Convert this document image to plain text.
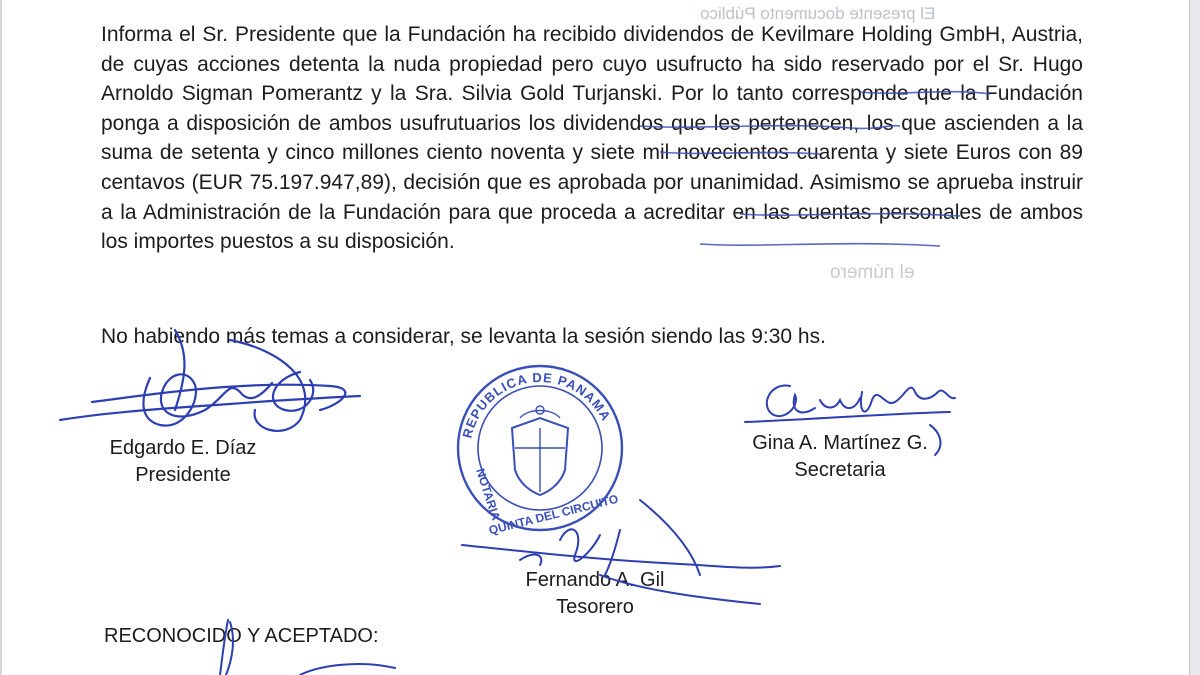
El presente documento Público
el número
Informa el Sr. Presidente que la Fundación ha recibido dividendos de Kevilmare Holding GmbH, Austria, de cuyas acciones detenta la nuda propiedad pero cuyo usufructo ha sido reservado por el Sr. Hugo Arnoldo Sigman Pomerantz y la Sra. Silvia Gold Turjanski. Por lo tanto corresponde que la Fundación ponga a disposición de ambos usufrutuarios los dividendos que les pertenecen, los que ascienden a la suma de setenta y cinco millones ciento noventa y siete mil novecientos cuarenta y siete Euros con 89 centavos (EUR 75.197.947,89), decisión que es aprobada por unanimidad. Asimismo se aprueba instruir a la Administración de la Fundación para que proceda a acreditar en las cuentas personales de ambos los importes puestos a su disposición.
No habiendo más temas a considerar, se levanta la sesión siendo las 9:30 hs.
Edgardo E. Díaz
Presidente
Gina A. Martínez G.
Secretaria
Fernando A. Gil
Tesorero
RECONOCIDO Y ACEPTADO:
REPUBLICA DE PANAMA
NOTARIA
QUINTA DEL CIRCUITO
